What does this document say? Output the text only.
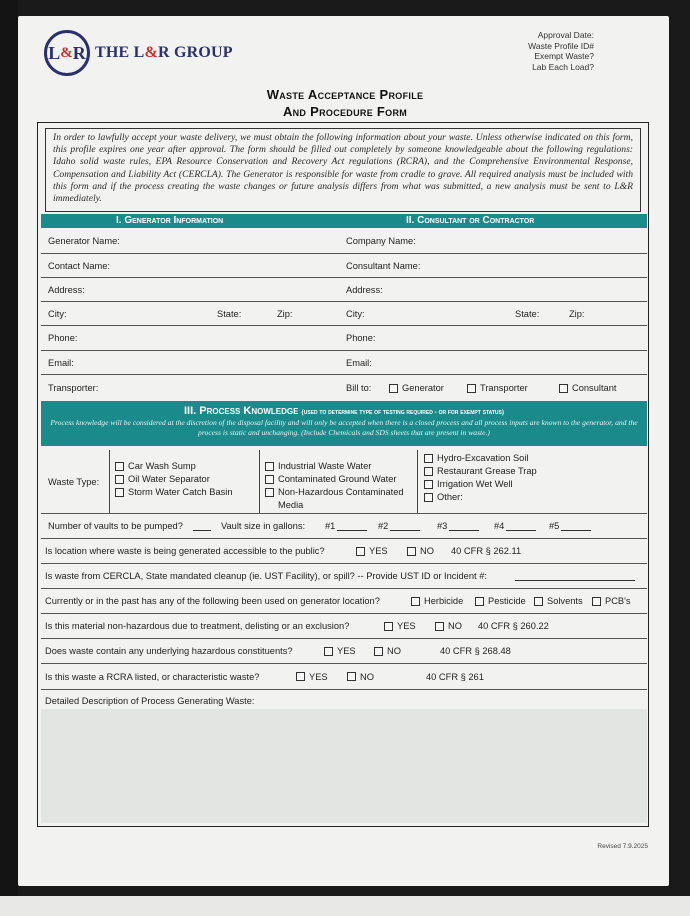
L & R THE L&R GROUP
Approval Date:
Waste Profile ID#
Exempt Waste?
Lab Each Load?
Waste Acceptance Profile
And Procedure Form
In order to lawfully accept your waste delivery, we must obtain the following information about your waste. Unless otherwise indicated on this form, this profile expires one year after approval. The form should be filled out completely by someone knowledgeable about the following regulations: Idaho solid waste rules, EPA Resource Conservation and Recovery Act regulations (RCRA), and the Comprehensive Environmental Response, Compensation and Liability Act (CERCLA). The Generator is responsible for waste from cradle to grave. All required analysis must be included with this form and if the process creating the waste changes or future analysis differs from what was submitted, a new analysis must be sent to L&R immediately.
I. Generator Information	II. Consultant or Contractor
Generator Name:	Company Name:
Contact Name:	Consultant Name:
Address:	Address:
City:	State:	Zip:	City:	State:	Zip:
Phone:	Phone:
Email:	Email:
Transporter:	Bill to:	Generator	Transporter	Consultant
III. Process Knowledge (used to determine type of testing required - or for exempt status)
Process knowledge will be considered at the discretion of the disposal facility and will only be accepted when there is a closed process and all process inputs are known to the generator, and the process is static and unchanging. (Include Chemicals and SDS sheets that are present in waste.)
Waste Type:
Car Wash Sump
Oil Water Separator
Storm Water Catch Basin
Industrial Waste Water
Contaminated Ground Water
Non-Hazardous Contaminated Media
Hydro-Excavation Soil
Restaurant Grease Trap
Irrigation Wet Well
Other:
Number of vaults to be pumped?	Vault size in gallons: #1	#2	#3	#4	#5
Is location where waste is being generated accessible to the public?	YES	NO 40 CFR § 262.11
Is waste from CERCLA, State mandated cleanup (ie. UST Facility), or spill? -- Provide UST ID or Incident #:
Currently or in the past has any of the following been used on generator location?	Herbicide	Pesticide Solvents PCB's
Is this material non-hazardous due to treatment, delisting or an exclusion?	YES	NO 40 CFR § 260.22
Does waste contain any underlying hazardous constituents?	YES	NO	40 CFR § 268.48
Is this waste a RCRA listed, or characteristic waste?	YES	NO	40 CFR § 261
Detailed Description of Process Generating Waste:
Revised 7.9.2025
